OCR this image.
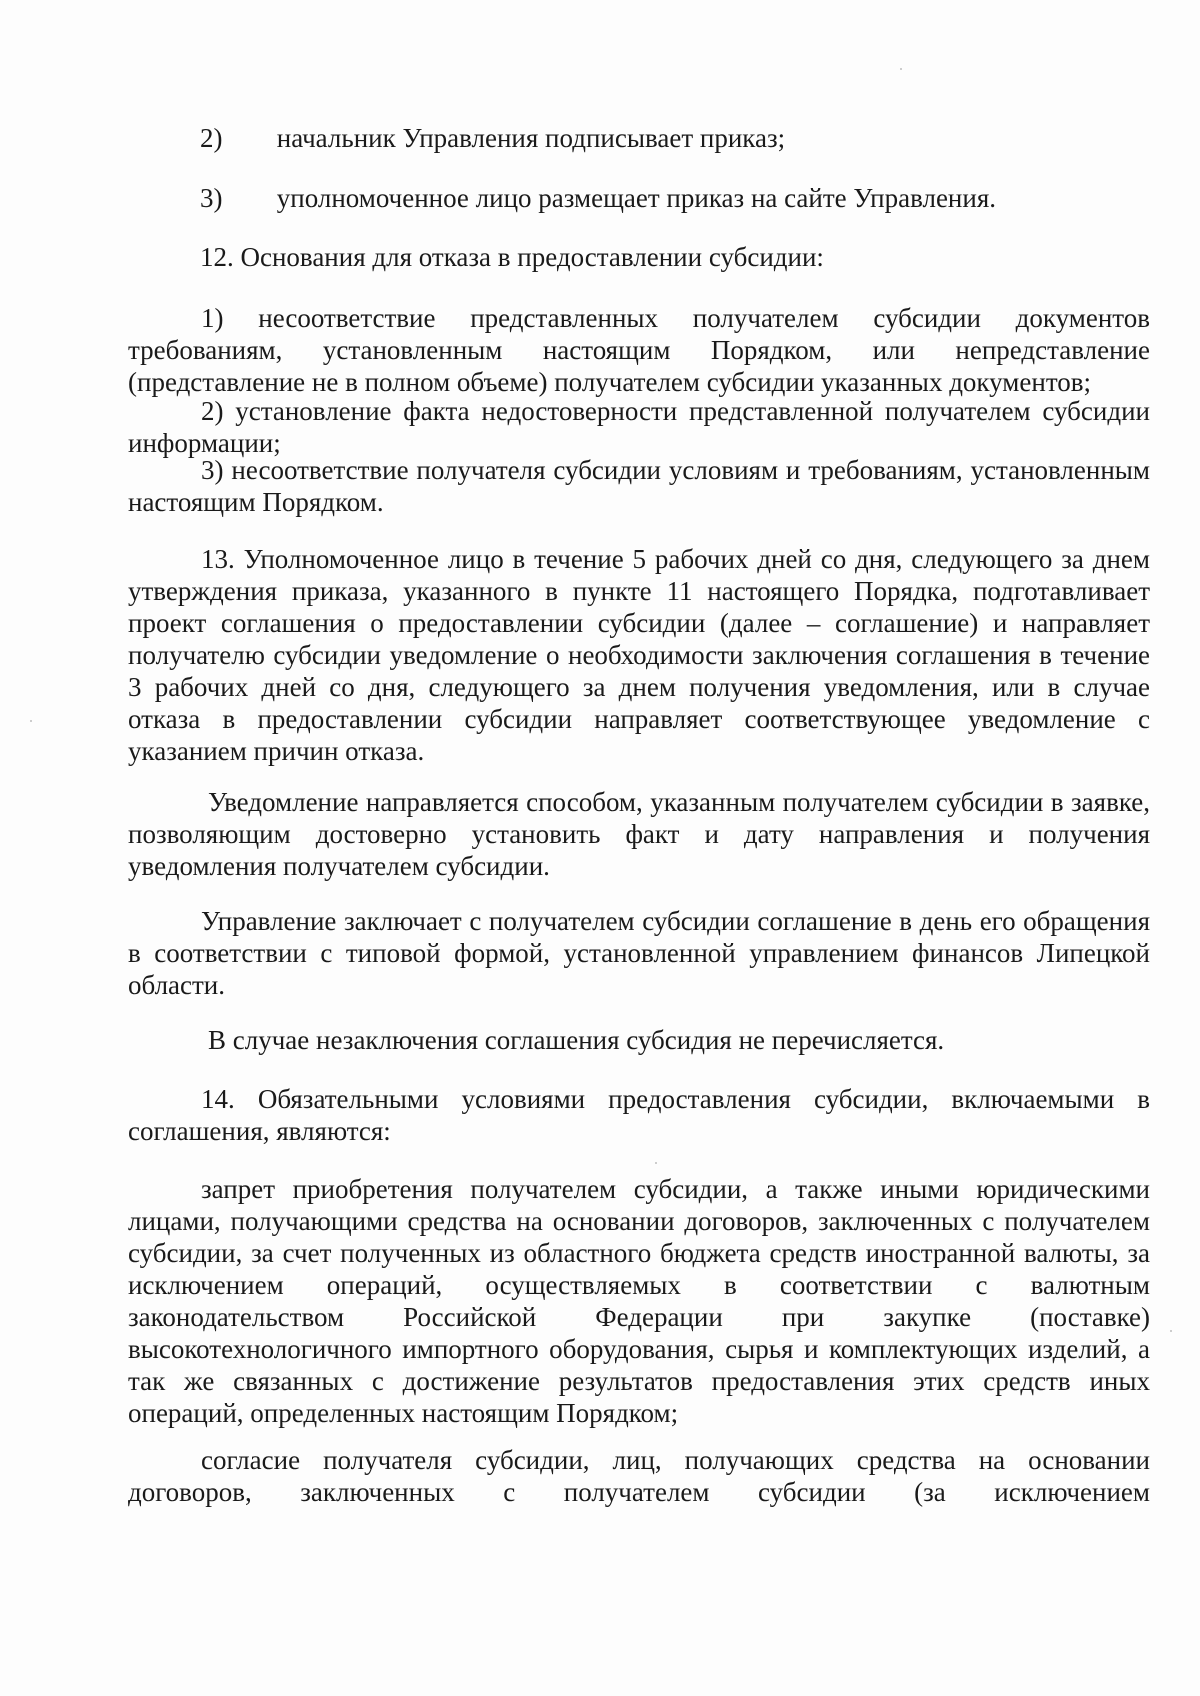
2) начальник Управления подписывает приказ;
3) уполномоченное лицо размещает приказ на сайте Управления.
12. Основания для отказа в предоставлении субсидии:

1) несоответствие представленных получателем субсидии документов требованиям, установленным настоящим Порядком, или непредставление (представление не в полном объеме) получателем субсидии указанных документов;

2) установление факта недостоверности представленной получателем субсидии информации;

3) несоответствие получателя субсидии условиям и требованиям, установленным настоящим Порядком.

13. Уполномоченное лицо в течение 5 рабочих дней со дня, следующего за днем утверждения приказа, указанного в пункте 11 настоящего Порядка, подготавливает проект соглашения о предоставлении субсидии (далее – соглашение) и направляет получателю субсидии уведомление о необходимости заключения соглашения в течение 3 рабочих дней со дня, следующего за днем получения уведомления, или в случае отказа в предоставлении субсидии направляет соответствующее уведомление с указанием причин отказа.

Уведомление направляется способом, указанным получателем субсидии в заявке, позволяющим достоверно установить факт и дату направления и получения уведомления получателем субсидии.

Управление заключает с получателем субсидии соглашение в день его обращения в соответствии с типовой формой, установленной управлением финансов Липецкой области.

В случае незаключения соглашения субсидия не перечисляется.

14. Обязательными условиями предоставления субсидии, включаемыми в соглашения, являются:

запрет приобретения получателем субсидии, а также иными юридическими лицами, получающими средства на основании договоров, заключенных с получателем субсидии, за счет полученных из областного бюджета средств иностранной валюты, за исключением операций, осуществляемых в соответствии с валютным законодательством Российской Федерации при закупке (поставке) высокотехнологичного импортного оборудования, сырья и комплектующих изделий, а так же связанных с достижение результатов предоставления этих средств иных операций, определенных настоящим Порядком;

согласие получателя субсидии, лиц, получающих средства на основании договоров, заключенных с получателем субсидии (за исключением
